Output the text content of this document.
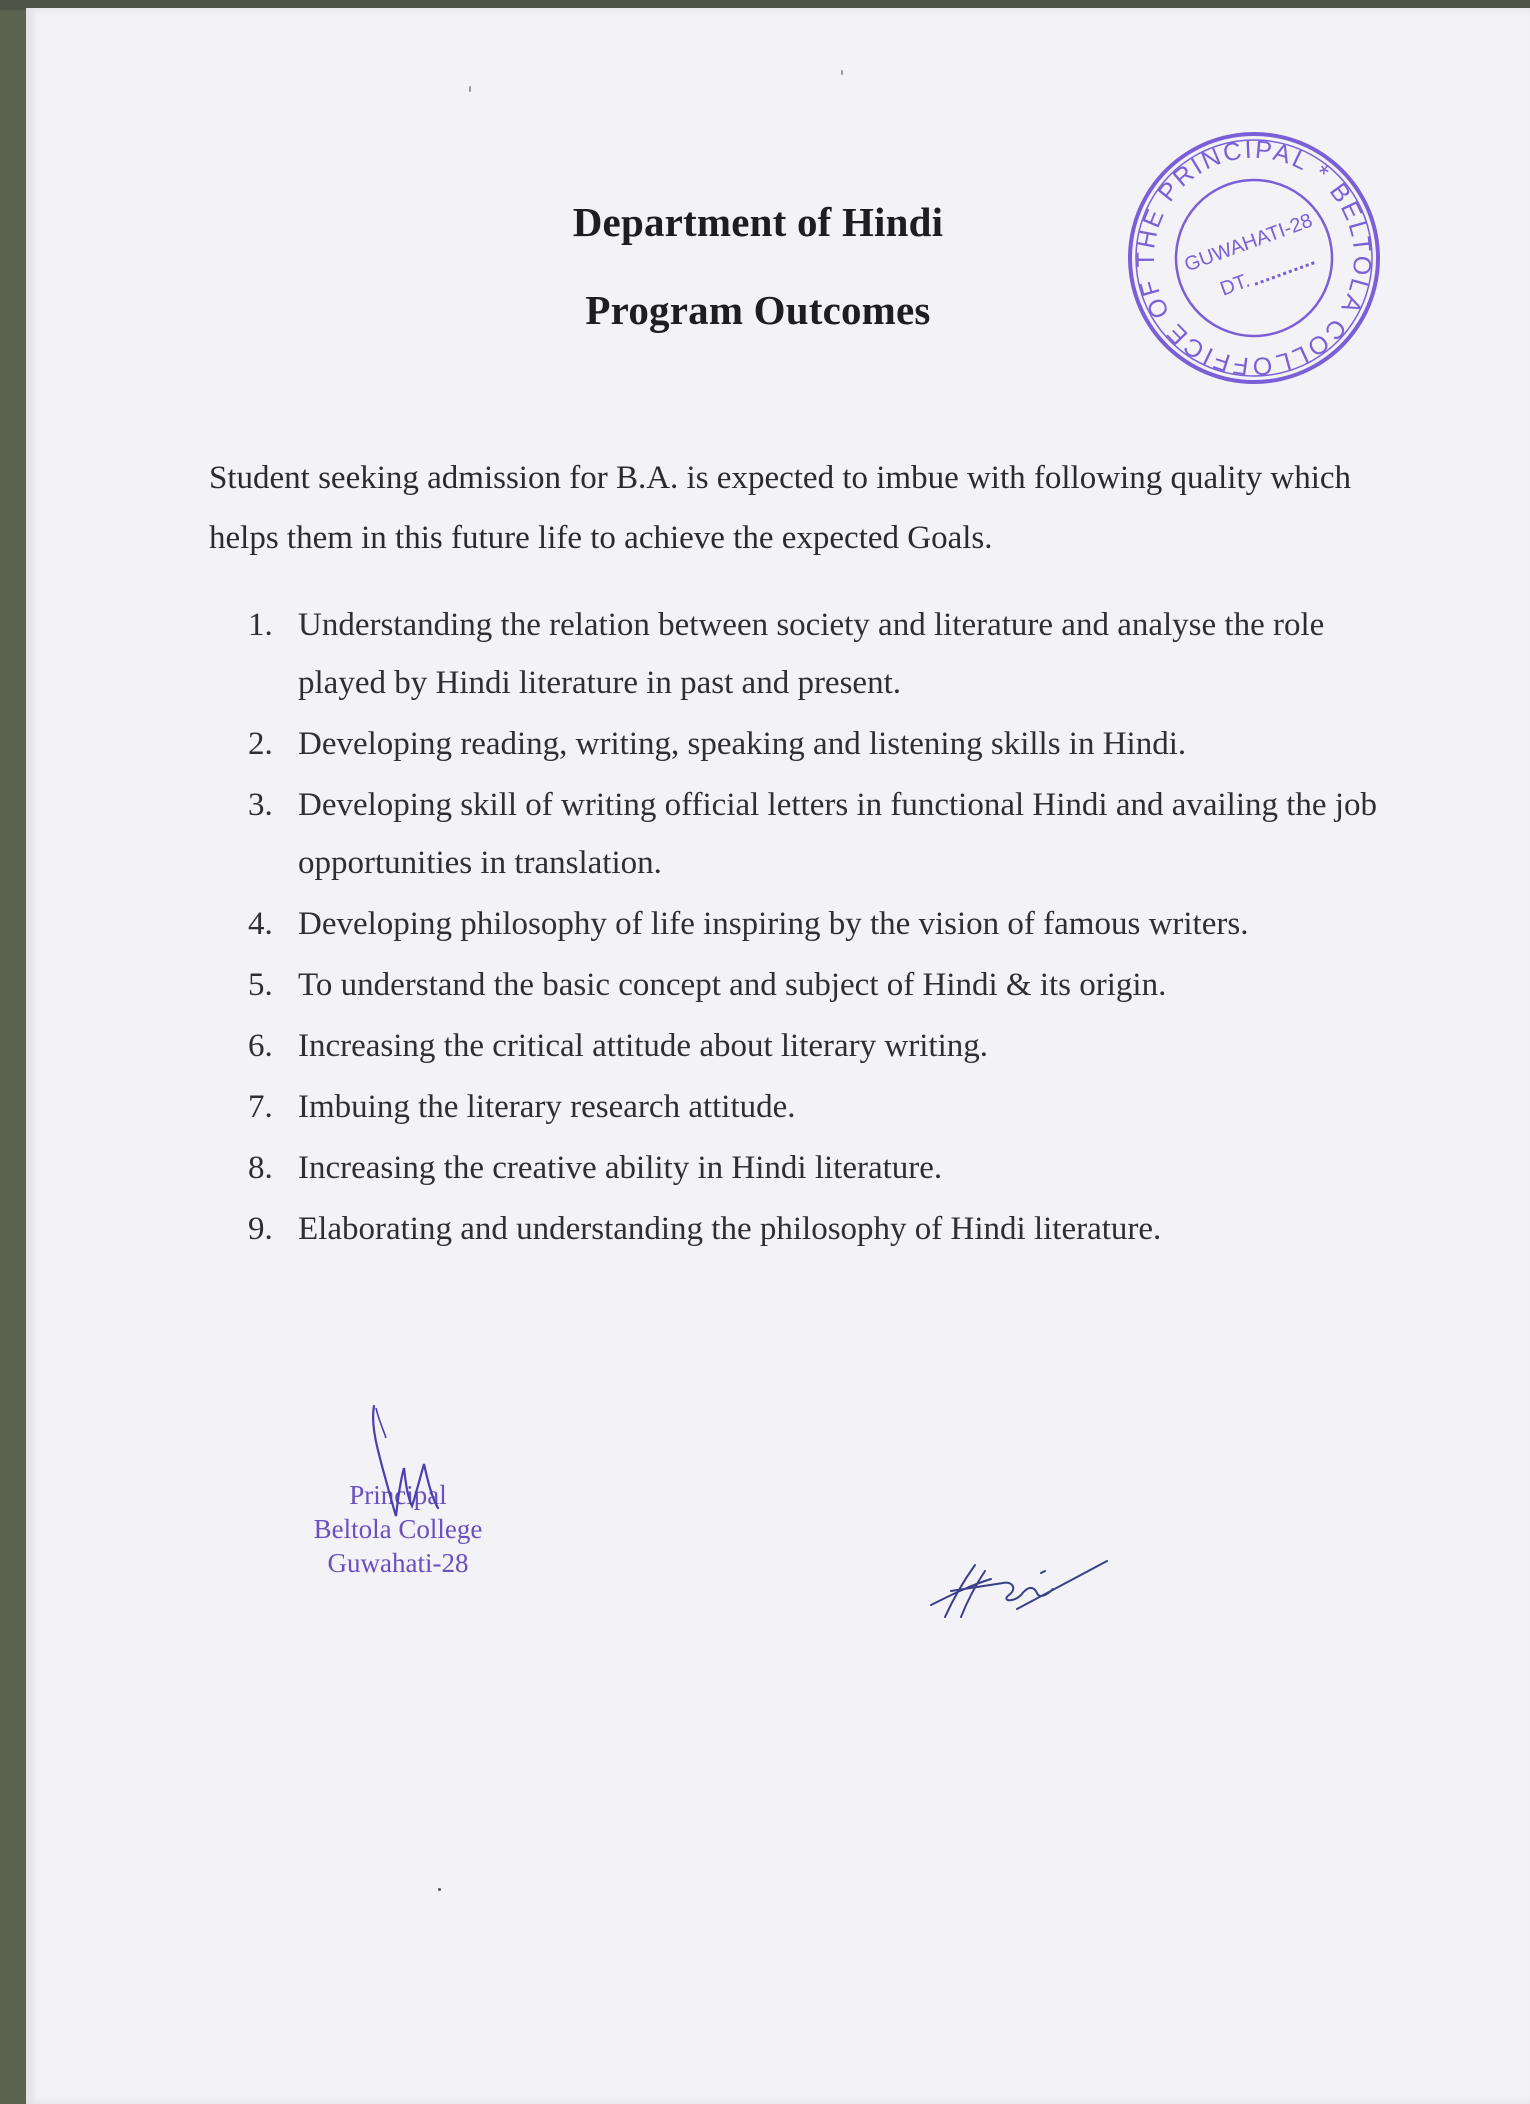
Department of Hindi
Program Outcomes
OFFICE OF THE PRINCIPAL * BELTOLA COLLEGE
GUWAHATI-28
DT.

Student seeking admission for B.A. is expected to imbue with following quality which helps them in this future life to achieve the expected Goals.

1. Understanding the relation between society and literature and analyse the role played by Hindi literature in past and present.
2. Developing reading, writing, speaking and listening skills in Hindi.
3. Developing skill of writing official letters in functional Hindi and availing the job opportunities in translation.
4. Developing philosophy of life inspiring by the vision of famous writers.
5. To understand the basic concept and subject of Hindi & its origin.
6. Increasing the critical attitude about literary writing.
7. Imbuing the literary research attitude.
8. Increasing the creative ability in Hindi literature.
9. Elaborating and understanding the philosophy of Hindi literature.
Principal
Beltola College
Guwahati-28
